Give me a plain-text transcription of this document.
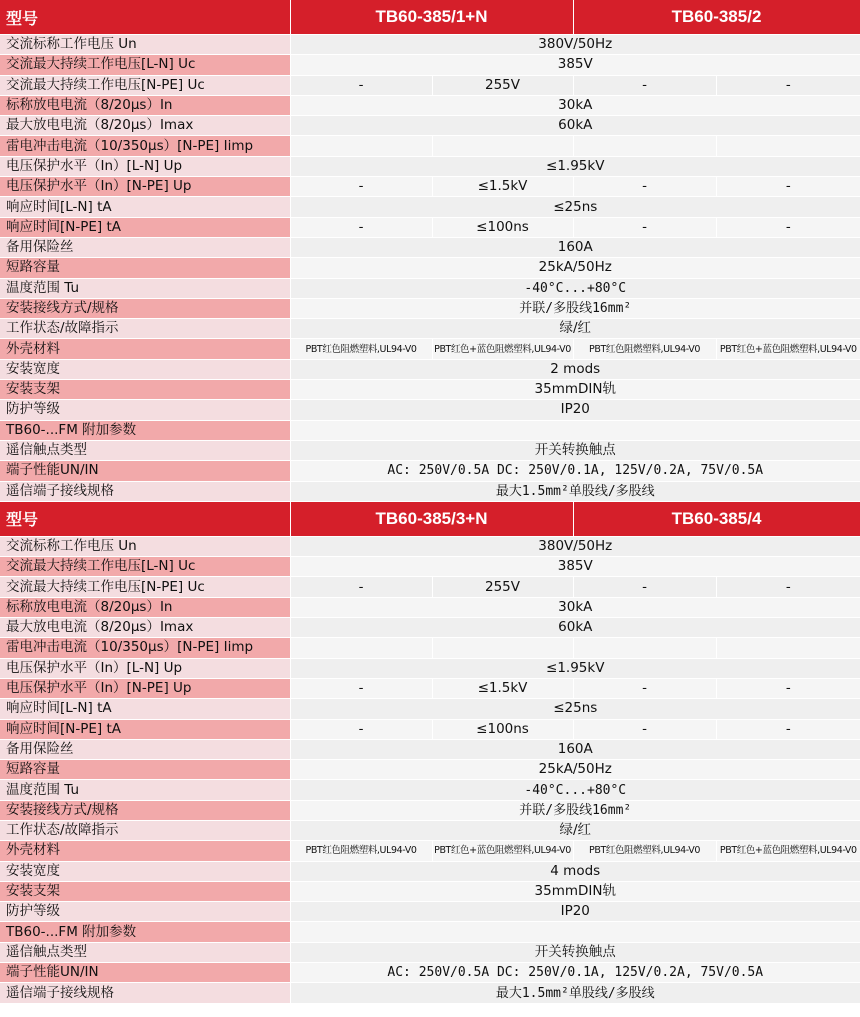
型号	TB60-385/1+N		TB60-385/2	
交流标称工作电压 Un	380V/50Hz			
交流最大持续工作电压[L-N] Uc	385V			
交流最大持续工作电压[N-PE] Uc	-	255V	-	-
标称放电电流（8/20μs）In	30kA			
最大放电电流（8/20μs）Imax	60kA			
雷电冲击电流（10/350μs）[N-PE] Iimp				
电压保护水平（In）[L-N] Up	≤1.95kV			
电压保护水平（In）[N-PE] Up	-	≤1.5kV	-	-
响应时间[L-N] tA	≤25ns			
响应时间[N-PE] tA	-	≤100ns	-	-
备用保险丝	160A			
短路容量	25kA/50Hz			
温度范围 Tu	-40°C...+80°C			
安装接线方式/规格	并联/多股线16mm²			
工作状态/故障指示	绿/红			
外壳材料	PBT红色阻燃塑料,UL94-V0	PBT红色+蓝色阻燃塑料,UL94-V0	PBT红色阻燃塑料,UL94-V0	PBT红色+蓝色阻燃塑料,UL94-V0
安装宽度	2 mods			
安装支架	35mmDIN轨			
防护等级	IP20			
TB60-...FM 附加参数				
遥信触点类型	开关转换触点			
端子性能UN/IN	AC: 250V/0.5A DC: 250V/0.1A, 125V/0.2A, 75V/0.5A			
遥信端子接线规格	最大1.5mm²单股线/多股线			
型号	TB60-385/3+N		TB60-385/4	
交流标称工作电压 Un	380V/50Hz			
交流最大持续工作电压[L-N] Uc	385V			
交流最大持续工作电压[N-PE] Uc	-	255V	-	-
标称放电电流（8/20μs）In	30kA			
最大放电电流（8/20μs）Imax	60kA			
雷电冲击电流（10/350μs）[N-PE] Iimp				
电压保护水平（In）[L-N] Up	≤1.95kV			
电压保护水平（In）[N-PE] Up	-	≤1.5kV	-	-
响应时间[L-N] tA	≤25ns			
响应时间[N-PE] tA	-	≤100ns	-	-
备用保险丝	160A			
短路容量	25kA/50Hz			
温度范围 Tu	-40°C...+80°C			
安装接线方式/规格	并联/多股线16mm²			
工作状态/故障指示	绿/红			
外壳材料	PBT红色阻燃塑料,UL94-V0	PBT红色+蓝色阻燃塑料,UL94-V0	PBT红色阻燃塑料,UL94-V0	PBT红色+蓝色阻燃塑料,UL94-V0
安装宽度	4 mods			
安装支架	35mmDIN轨			
防护等级	IP20			
TB60-...FM 附加参数				
遥信触点类型	开关转换触点			
端子性能UN/IN	AC: 250V/0.5A DC: 250V/0.1A, 125V/0.2A, 75V/0.5A			
遥信端子接线规格	最大1.5mm²单股线/多股线			
